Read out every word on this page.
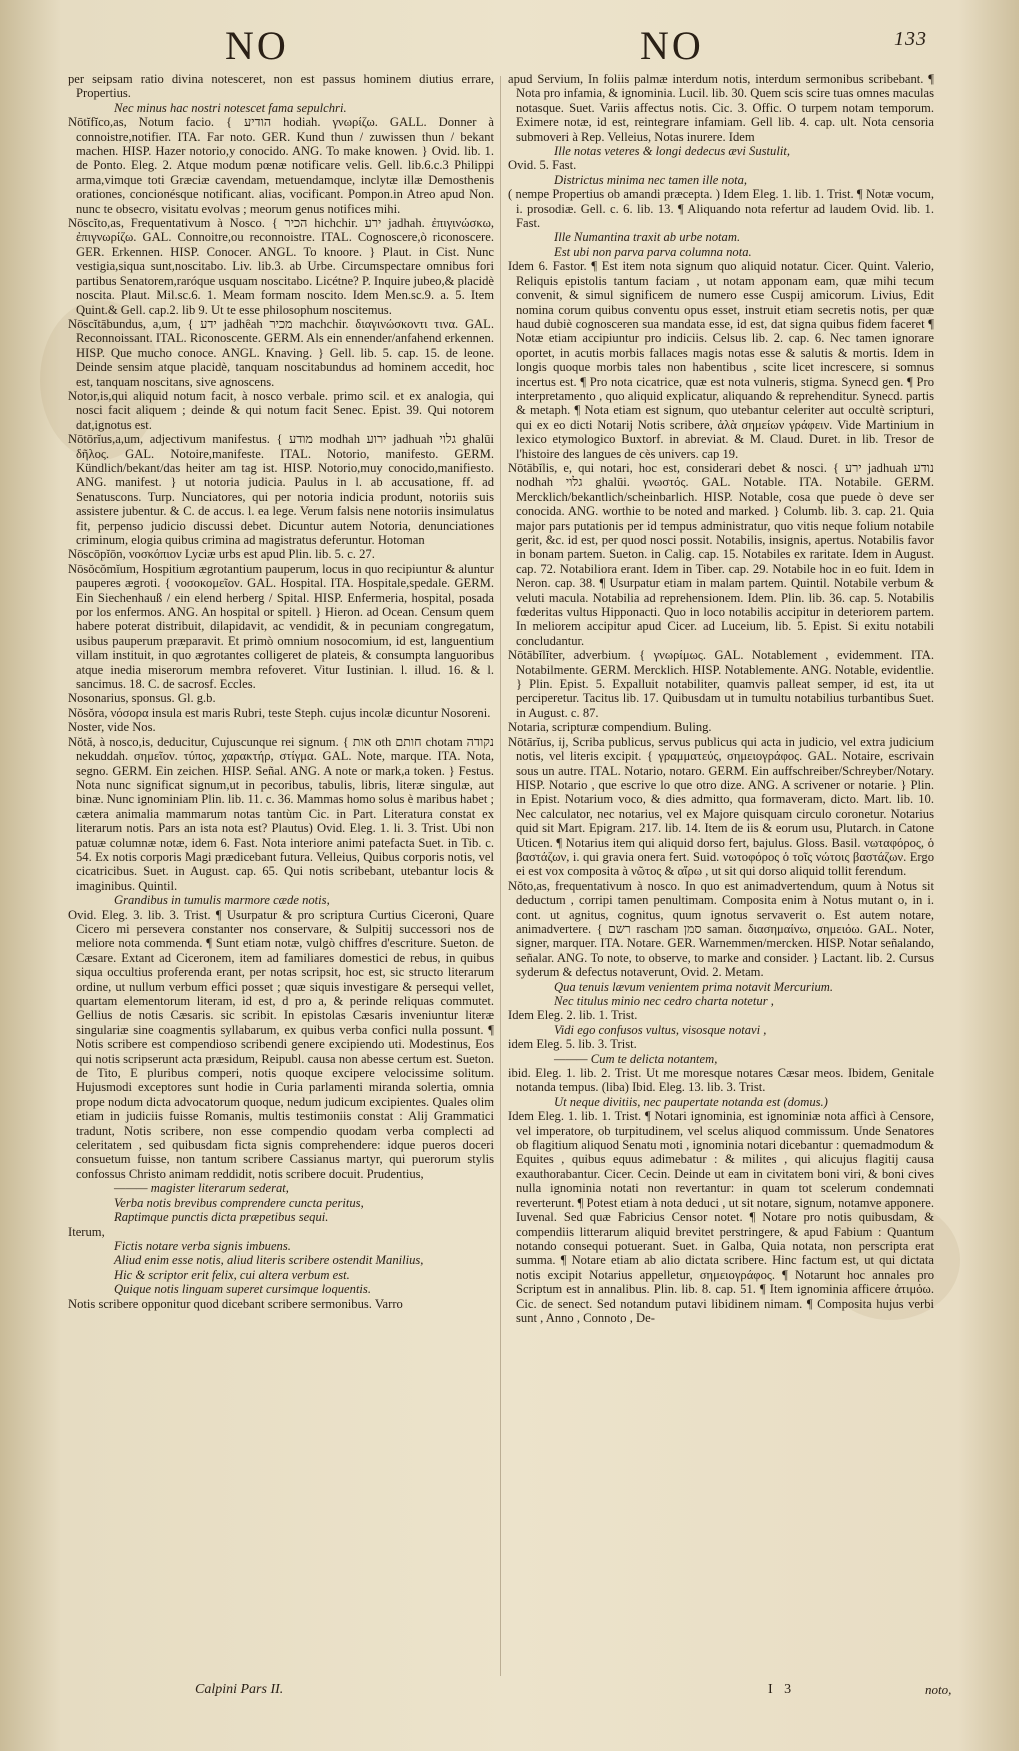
NO	NO	133

per seipsam ratio divina notesceret, non est passus hominem diutius errare, Propertius.

Nec minus hac nostri notescet fama sepulchri.

Nōtĭfĭco,as, Notum facio. { הודיע hodiah. γνωρίζω. GALL. Donner à connoistre,notifier. ITA. Far noto. GER. Kund thun / zuwissen thun / bekant machen. HISP. Hazer notorio,y conocido. ANG. To make knowen. } Ovid. lib. 1. de Ponto. Eleg. 2. Atque modum pœnæ notificare velis. Gell. lib.6.c.3 Philippi arma,vimque toti Græciæ cavendam, metuendamque, inclytæ illæ Demosthenis orationes, concionésque notificant. alias, vocificant. Pompon.in Atreo apud Non. nunc te obsecro, visitatu evolvas ; meorum genus notifices mihi.

Nōscĭto,as, Frequentativum à Nosco. { הכיר hichchir. ירע jadhah. ἐπιγινώσκω, ἐπιγνωρίζω. GAL. Connoitre,ou reconnoistre. ITAL. Cognoscere,ò riconoscere. GER. Erkennen. HISP. Conocer. ANGL. To knoore. } Plaut. in Cist. Nunc vestigia,siqua sunt,noscitabo. Liv. lib.3. ab Urbe. Circumspectare omnibus fori partibus Senatorem,raróque usquam noscitabo. Licétne? P. Inquire jubeo,& placidè noscita. Plaut. Mil.sc.6. 1. Meam formam noscito. Idem Men.sc.9. a. 5. Item Quint.& Gell. cap.2. lib 9. Ut te esse philosophum noscitemus.

Nōscĭtābundus, a,um, { ידע jadhêah מכיר machchir. διαγινώσκοντι τινα. GAL. Reconnoissant. ITAL. Riconoscente. GERM. Als ein ennender/anfahend erkennen. HISP. Que mucho conoce. ANGL. Knaving. } Gell. lib. 5. cap. 15. de leone. Deinde sensim atque placidè, tanquam noscitabundus ad hominem accedit, hoc est, tanquam noscitans, sive agnoscens.

Notor,is,qui aliquid notum facit, à nosco verbale. primo scil. et ex analogia, qui nosci facit aliquem ; deinde & qui notum facit Senec. Epist. 39. Qui notorem dat,ignotus est.

Nōtōrĭus,a,um, adjectivum manifestus. { מודע modhah ירוע jadhuah גלוי ghalūi δῆλος. GAL. Notoire,manifeste. ITAL. Notorio, manifesto. GERM. Kündlich/bekant/das heiter am tag ist. HISP. Notorio,muy conocido,manifiesto. ANG. manifest. } ut notoria judicia. Paulus in l. ab accusatione, ff. ad Senatuscons. Turp. Nunciatores, qui per notoria indicia produnt, notoriis suis assistere jubentur. & C. de accus. l. ea lege. Verum falsis nene notoriis insimulatus fit, perpenso judicio discussi debet. Dicuntur autem Notoria, denunciationes criminum, elogia quibus crimina ad magistratus deferuntur. Hotoman

Nōscōpĭōn, νοσκόπιον Lyciæ urbs est apud Plin. lib. 5. c. 27.

Nōsŏcŏmĭum, Hospitium ægrotantium pauperum, locus in quo recipiuntur & aluntur pauperes ægroti. { νοσοκομεῖον. GAL. Hospital. ITA. Hospitale,spedale. GERM. Ein Siechenhauß / ein elend herberg / Spital. HISP. Enfermeria, hospital, posada por los enfermos. ANG. An hospital or spitell. } Hieron. ad Ocean. Censum quem habere poterat distribuit, dilapidavit, ac vendidit, & in pecuniam congregatum, usibus pauperum præparavit. Et primò omnium nosocomium, id est, languentium villam instituit, in quo ægrotantes colligeret de plateis, & consumpta languoribus atque inedia miserorum membra refoveret. Vitur Iustinian. l. illud. 16. & l. sancimus. 18. C. de sacrosf. Eccles.

Nosonarius, sponsus. Gl. g.b.

Nŏsŏra, νόσορα insula est maris Rubri, teste Steph. cujus incolæ dicuntur Nosoreni.

Noster, vide Nos.

Nŏtă, à nosco,is, deducitur, Cujuscunque rei signum. { אות oth חותם chotam נקודה nekuddah. σημεῖον. τύπος, χαρακτήρ, στίγμα. GAL. Note, marque. ITA. Nota, segno. GERM. Ein zeichen. HISP. Señal. ANG. A note or mark,a token. } Festus. Nota nunc significat signum,ut in pecoribus, tabulis, libris, literæ singulæ, aut binæ. Nunc ignominiam Plin. lib. 11. c. 36. Mammas homo solus è maribus habet ; cætera animalia mammarum notas tantùm Cic. in Part. Literatura constat ex literarum notis. Pars an ista nota est? Plautus) Ovid. Eleg. 1. li. 3. Trist. Ubi non patuæ columnæ notæ, idem 6. Fast. Nota interiore animi patefacta Suet. in Tib. c. 54. Ex notis corporis Magi prædicebant futura. Velleius, Quibus corporis notis, vel cicatricibus. Suet. in August. cap. 65. Qui notis scribebant, utebantur locis & imaginibus. Quintil.

Grandibus in tumulis marmore cæde notis,

Ovid. Eleg. 3. lib. 3. Trist. ¶ Usurpatur & pro scriptura Curtius Ciceroni, Quare Cicero mi persevera constanter nos conservare, & Sulpitij successori nos de meliore nota commenda. ¶ Sunt etiam notæ, vulgò chiffres d'escriture. Sueton. de Cæsare. Extant ad Ciceronem, item ad familiares domestici de rebus, in quibus siqua occultius proferenda erant, per notas scripsit, hoc est, sic structo literarum ordine, ut nullum verbum effici posset ; quæ siquis investigare & persequi vellet, quartam elementorum literam, id est, d pro a, & perinde reliquas commutet. Gellius de notis Cæsaris. sic scribit. In epistolas Cæsaris inveniuntur literæ singulariæ sine coagmentis syllabarum, ex quibus verba confici nulla possunt. ¶ Notis scribere est compendioso scribendi genere excipiendo uti. Modestinus, Eos qui notis scripserunt acta præsidum, Reipubl. causa non abesse certum est. Sueton. de Tito, E pluribus comperi, notis quoque excipere velocissime solitum. Hujusmodi exceptores sunt hodie in Curia parlamenti miranda solertia, omnia prope nodum dicta advocatorum quoque, nedum judicum excipientes. Quales olim etiam in judiciis fuisse Romanis, multis testimoniis constat : Alij Grammatici tradunt, Notis scribere, non esse compendio quodam verba complecti ad celeritatem , sed quibusdam ficta signis comprehendere: idque pueros doceri consuetum fuisse, non tantum scribere Cassianus martyr, qui puerorum stylis confossus Christo animam reddidit, notis scribere docuit. Prudentius,

——— magister literarum sederat,

Verba notis brevibus comprendere cuncta peritus,

Raptimque punctis dicta præpetibus sequi.

Iterum,

Fictis notare verba signis imbuens.

Aliud enim esse notis, aliud literis scribere ostendit Manilius,

Hic & scriptor erit felix, cui altera verbum est.

Quique notis linguam superet cursimque loquentis.

Notis scribere opponitur quod dicebant scribere sermonibus. Varro

apud Servium, In foliis palmæ interdum notis, interdum sermonibus scribebant. ¶ Nota pro infamia, & ignominia. Lucil. lib. 30. Quem scis scire tuas omnes maculas notasque. Suet. Variis affectus notis. Cic. 3. Offic. O turpem notam temporum. Eximere notæ, id est, reintegrare infamiam. Gell lib. 4. cap. ult. Nota censoria submoveri à Rep. Velleius, Notas inurere. Idem

Ille notas veteres & longi dedecus ævi Sustulit,

Ovid. 5. Fast.

Districtus minima nec tamen ille nota,

( nempe Propertius ob amandi præcepta. ) Idem Eleg. 1. lib. 1. Trist. ¶ Notæ vocum, i. prosodiæ. Gell. c. 6. lib. 13. ¶ Aliquando nota refertur ad laudem Ovid. lib. 1. Fast.

Ille Numantina traxit ab urbe notam.

Est ubi non parva parva columna nota.

Idem 6. Fastor. ¶ Est item nota signum quo aliquid notatur. Cicer. Quint. Valerio, Reliquis epistolis tantum faciam , ut notam apponam eam, quæ mihi tecum convenit, & simul significem de numero esse Cuspij amicorum. Livius, Edit nomina corum quibus conventu opus esset, instruit etiam secretis notis, per quæ haud dubiè cognosceren sua mandata esse, id est, dat signa quibus fidem faceret ¶ Notæ etiam accipiuntur pro indiciis. Celsus lib. 2. cap. 6. Nec tamen ignorare oportet, in acutis morbis fallaces magis notas esse & salutis & mortis. Idem in longis quoque morbis tales non habentibus , scite licet increscere, si somnus incertus est. ¶ Pro nota cicatrice, quæ est nota vulneris, stigma. Synecd gen. ¶ Pro interpretamento , quo aliquid explicatur, aliquando & reprehenditur. Synecd. partis & metaph. ¶ Nota etiam est signum, quo utebantur celeriter aut occultè scripturi, qui ex eo dicti Notarij Notis scribere, ἀλὰ σημείων γράφειν. Vide Martinium in lexico etymologico Buxtorf. in abreviat. & M. Claud. Duret. in lib. Tresor de l'histoire des langues de cès univers. cap 19.

Nōtābĭlis, e, qui notari, hoc est, considerari debet & nosci. { ירע jadhuah נודע nodhah גלוי ghalūi. γνωστός. GAL. Notable. ITA. Notabile. GERM. Mercklich/bekantlich/scheinbarlich. HISP. Notable, cosa que puede ò deve ser conocida. ANG. worthie to be noted and marked. } Columb. lib. 3. cap. 21. Quia major pars putationis per id tempus administratur, quo vitis neque folium notabile gerit, &c. id est, per quod nosci possit. Notabilis, insignis, apertus. Notabilis favor in bonam partem. Sueton. in Calig. cap. 15. Notabiles ex raritate. Idem in August. cap. 72. Notabiliora erant. Idem in Tiber. cap. 29. Notabile hoc in eo fuit. Idem in Neron. cap. 38. ¶ Usurpatur etiam in malam partem. Quintil. Notabile verbum & veluti macula. Notabilia ad reprehensionem. Idem. Plin. lib. 36. cap. 5. Notabilis fœderitas vultus Hipponacti. Quo in loco notabilis accipitur in deteriorem partem. In meliorem accipitur apud Cicer. ad Luceium, lib. 5. Epist. Si exitu notabili concludantur.

Nōtābĭlĭter, adverbium. { γνωρίμως. GAL. Notablement , evidemment. ITA. Notabilmente. GERM. Mercklich. HISP. Notablemente. ANG. Notable, evidentlie. } Plin. Epist. 5. Expalluit notabiliter, quamvis palleat semper, id est, ita ut perciperetur. Tacitus lib. 17. Quibusdam ut in tumultu notabilius turbantibus Suet. in August. c. 87.

Notaria, scripturæ compendium. Buling.

Nōtārĭus, ij, Scriba publicus, servus publicus qui acta in judicio, vel extra judicium notis, vel literis excipit. { γραμματεύς, σημειογράφος. GAL. Notaire, escrivain sous un autre. ITAL. Notario, notaro. GERM. Ein auffschreiber/Schreyber/Notary. HISP. Notario , que escrive lo que otro dize. ANG. A scrivener or notarie. } Plin. in Epist. Notarium voco, & dies admitto, qua formaveram, dicto. Mart. lib. 10. Nec calculator, nec notarius, vel ex Majore quisquam circulo coronetur. Notarius quid sit Mart. Epigram. 217. lib. 14. Item de iis & eorum usu, Plutarch. in Catone Uticen. ¶ Notarius item qui aliquid dorso fert, bajulus. Gloss. Basil. νωταφόρος, ὁ βαστάζων, i. qui gravia onera fert. Suid. νωτοφόρος ὁ τοῖς νώτοις βαστάζων. Ergo ei est vox composita à νῶτος & αἴρω , ut sit qui dorso aliquid tollit ferendum.

Nŏto,as, frequentativum à nosco. In quo est animadvertendum, quum à Notus sit deductum , corripi tamen penultimam. Composita enim à Notus mutant o, in i. cont. ut agnitus, cognitus, quum ignotus servaverit o. Est autem notare, animadvertere. { רשם rascham סמן saman. διασημαίνω, σημειόω. GAL. Noter, signer, marquer. ITA. Notare. GER. Warnemmen/mercken. HISP. Notar señalando, señalar. ANG. To note, to observe, to marke and consider. } Lactant. lib. 2. Cursus syderum & defectus notaverunt, Ovid. 2. Metam.

Qua tenuis lævum venientem prima notavit Mercurium.

Nec titulus minio nec cedro charta notetur ,

Idem Eleg. 2. lib. 1. Trist.

Vidi ego confusos vultus, visosque notavi ,

idem Eleg. 5. lib. 3. Trist.

——— Cum te delicta notantem,

ibid. Eleg. 1. lib. 2. Trist. Ut me moresque notares Cæsar meos. Ibidem, Genitale notanda tempus. (liba) Ibid. Eleg. 13. lib. 3. Trist.

Ut neque divitiis, nec paupertate notanda est (domus.)

Idem Eleg. 1. lib. 1. Trist. ¶ Notari ignominia, est ignominiæ nota afficì à Censore, vel imperatore, ob turpitudinem, vel scelus aliquod commissum. Unde Senatores ob flagitium aliquod Senatu moti , ignominia notari dicebantur : quemadmodum & Equites , quibus equus adimebatur : & milites , qui alicujus flagitij causa exauthorabantur. Cicer. Cecin. Deinde ut eam in civitatem boni viri, & boni cives nulla ignominia notati non revertantur: in quam tot scelerum condemnati reverterunt. ¶ Potest etiam à nota deduci , ut sit notare, signum, notamve apponere. Iuvenal. Sed quæ Fabricius Censor notet. ¶ Notare pro notis quibusdam, & compendiis litterarum aliquid brevitet perstringere, & apud Fabium : Quantum notando consequi potuerant. Suet. in Galba, Quia notata, non perscripta erat summa. ¶ Notare etiam ab alio dictata scribere. Hinc factum est, ut qui dictata notis excipit Notarius appelletur, σημειογράφος. ¶ Notarunt hoc annales pro Scriptum est in annalibus. Plin. lib. 8. cap. 51. ¶ Item ignominia afficere ἀτιμόω. Cic. de senect. Sed notandum putavi libidinem nimam. ¶ Composita hujus verbi sunt , Anno , Connoto , De-

Calpini Pars II.	I 3	noto,
